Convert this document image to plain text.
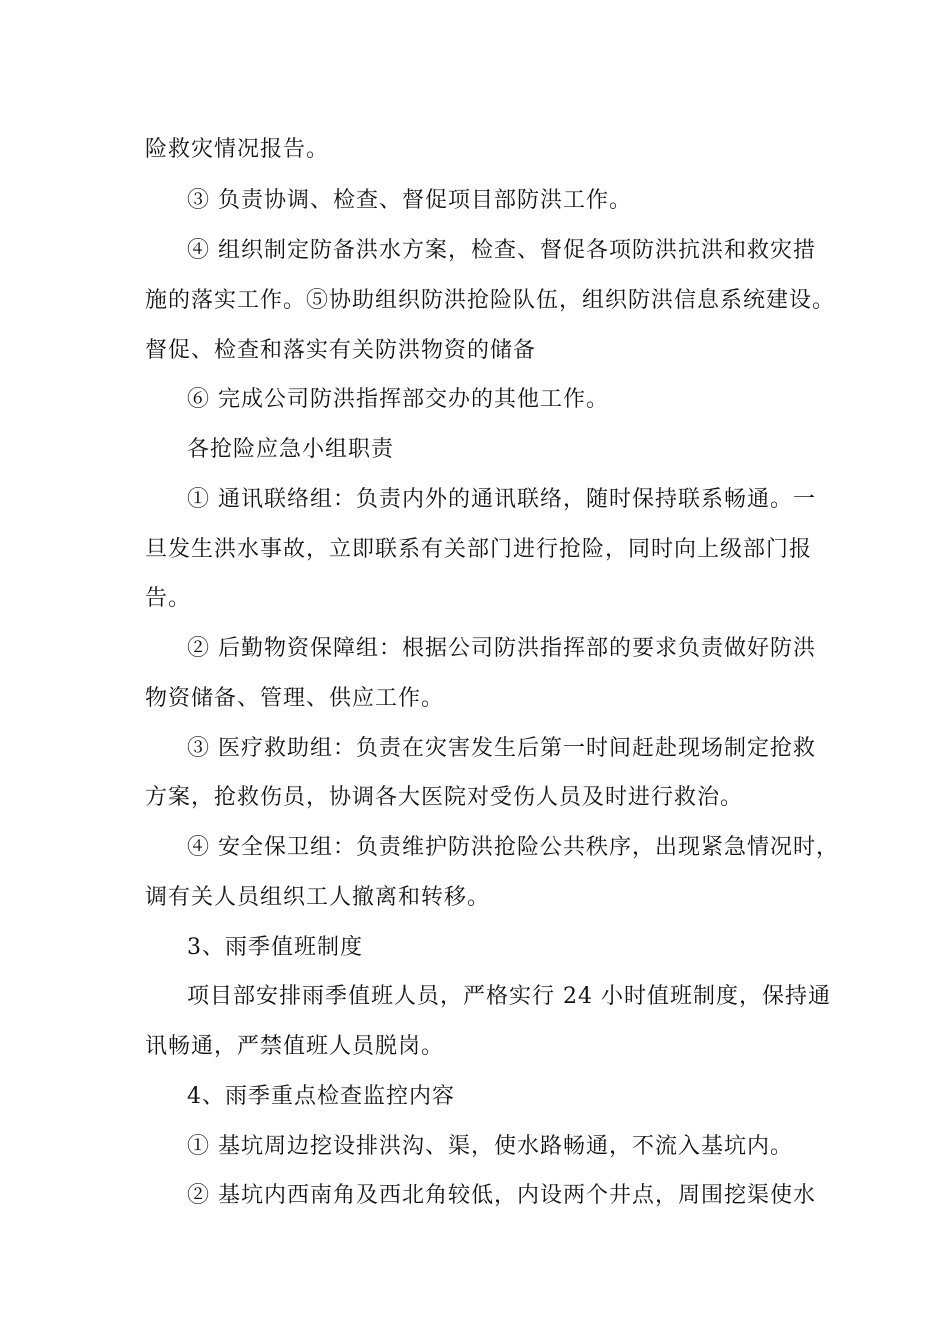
险救灾情况报告。
③ 负责协调、检查、督促项目部防洪工作。
④ 组织制定防备洪水方案，检查、督促各项防洪抗洪和救灾措
施的落实工作。⑤协助组织防洪抢险队伍，组织防洪信息系统建设。
督促、检查和落实有关防洪物资的储备
⑥ 完成公司防洪指挥部交办的其他工作。
各抢险应急小组职责
① 通讯联络组：负责内外的通讯联络，随时保持联系畅通。一
旦发生洪水事故，立即联系有关部门进行抢险，同时向上级部门报
告。
② 后勤物资保障组：根据公司防洪指挥部的要求负责做好防洪
物资储备、管理、供应工作。
③ 医疗救助组：负责在灾害发生后第一时间赶赴现场制定抢救
方案，抢救伤员，协调各大医院对受伤人员及时进行救治。
④ 安全保卫组：负责维护防洪抢险公共秩序，出现紧急情况时，
调有关人员组织工人撤离和转移。
3、雨季值班制度
项目部安排雨季值班人员，严格实行 24 小时值班制度，保持通
讯畅通，严禁值班人员脱岗。
4、雨季重点检查监控内容
① 基坑周边挖设排洪沟、渠，使水路畅通，不流入基坑内。
② 基坑内西南角及西北角较低，内设两个井点，周围挖渠使水
